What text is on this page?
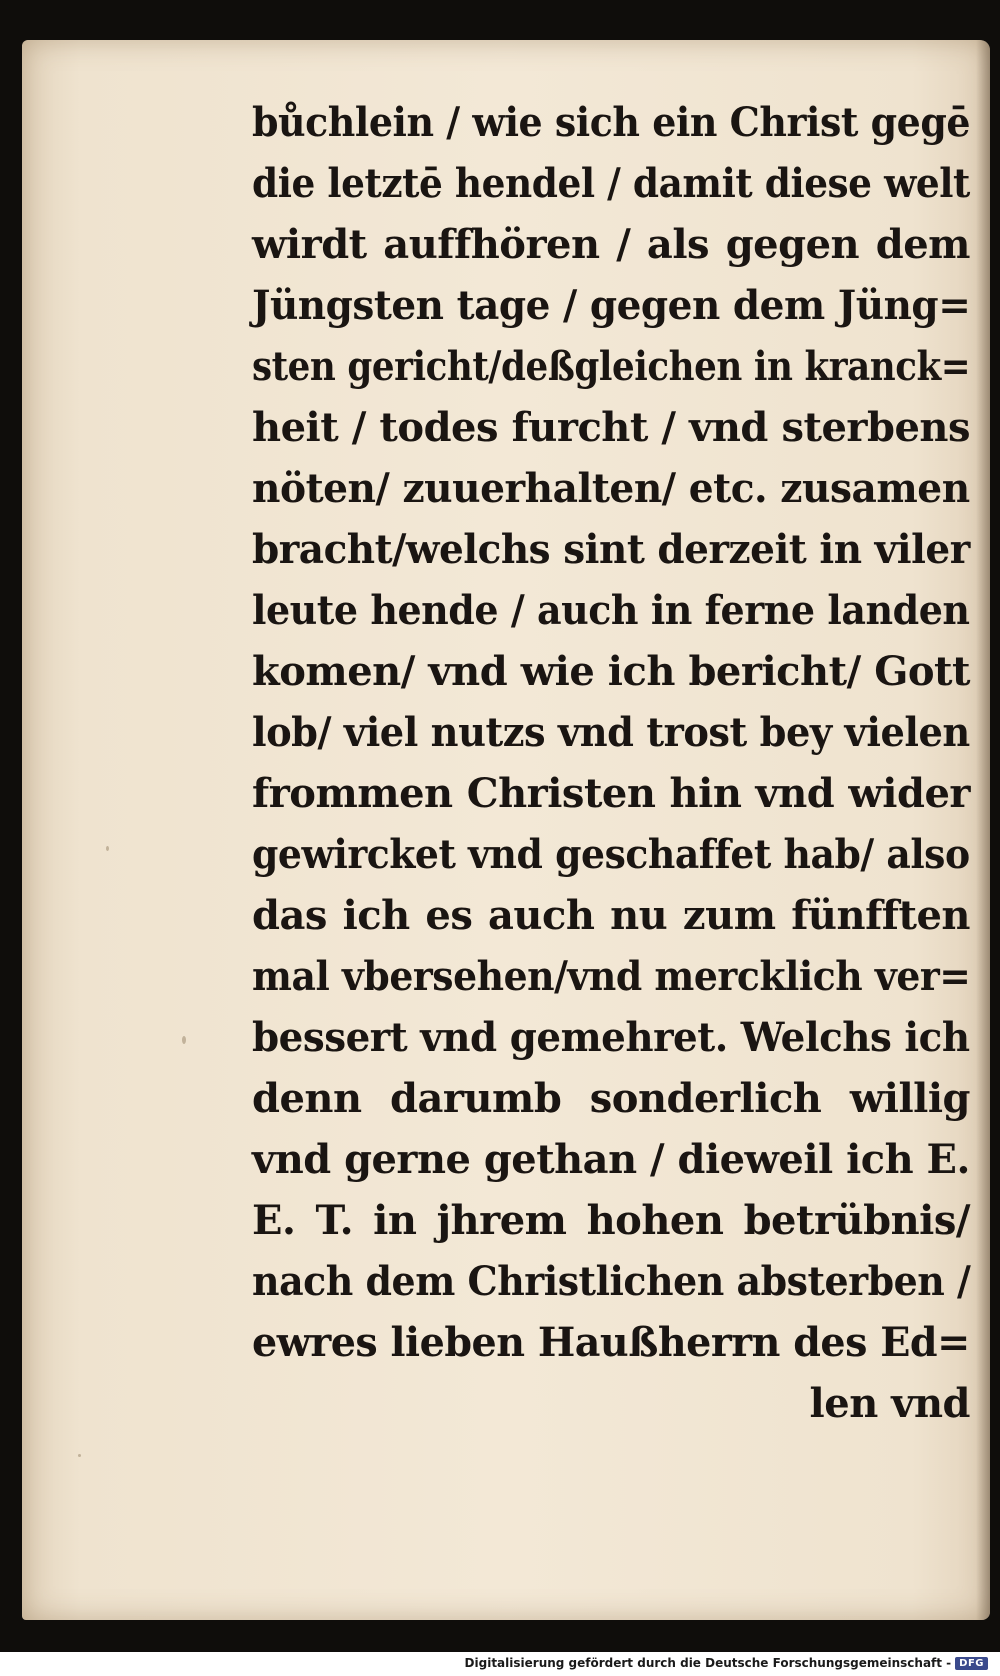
bůchlein / wie sich ein Christ gegē
die letztē hendel / damit diese welt
wirdt auffhören / als gegen dem
Jüngsten tage / gegen dem Jüng=
sten gericht/deßgleichen in kranck=
heit / todes furcht / vnd sterbens
nöten/ zuuerhalten/ etc. zusamen
bracht/welchs sint derzeit in viler
leute hende / auch in ferne landen
komen/ vnd wie ich bericht/ Gott
lob/ viel nutzs vnd trost bey vielen
frommen Christen hin vnd wider
gewircket vnd geschaffet hab/ also
das ich es auch nu zum fünfften
mal vbersehen/vnd mercklich ver=
bessert vnd gemehret. Welchs ich
denn darumb sonderlich willig
vnd gerne gethan / dieweil ich E.
E. T. in jhrem hohen betrübnis/
nach dem Christlichen absterben /
ewres lieben Haußherrn des Ed=
len vnd
Digitalisierung gefördert durch die Deutsche Forschungsgemeinschaft - DFG
